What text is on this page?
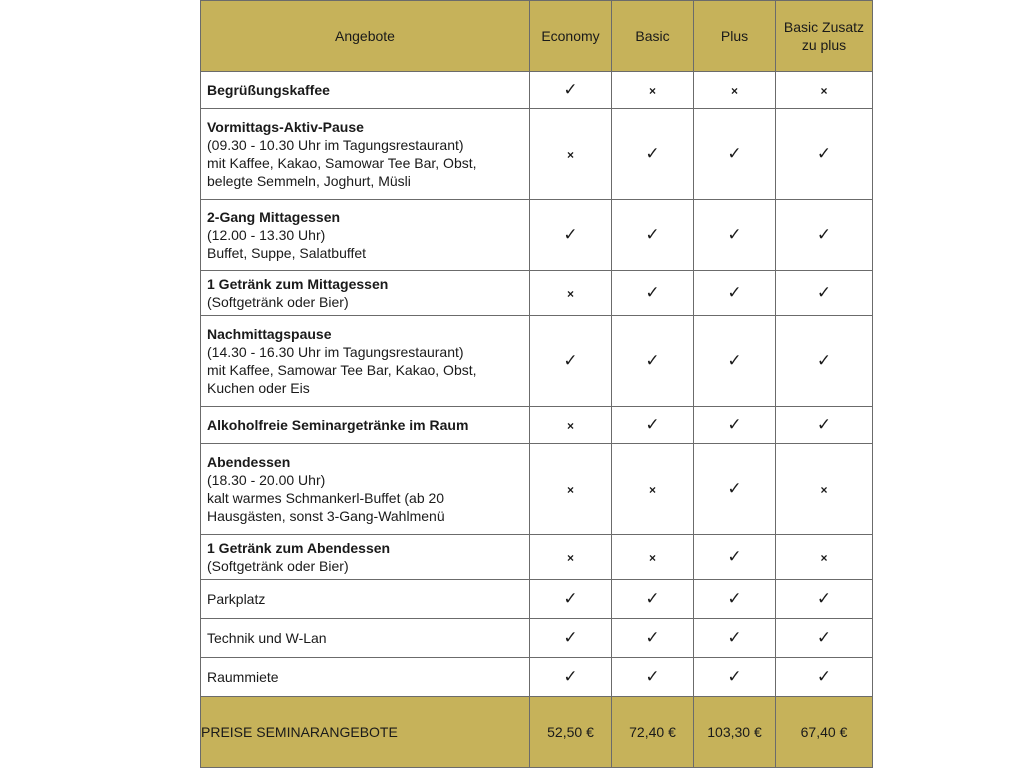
Angebote	Economy	Basic	Plus	Basic Zusatz
zu plus

Begrüßungskaffee	✓	×	×	×

Vormittags-Aktiv-Pause
(09.30 - 10.30 Uhr im Tagungsrestaurant)
mit Kaffee, Kakao, Samowar Tee Bar, Obst,
belegte Semmeln, Joghurt, Müsli	×	✓	✓	✓

2-Gang Mittagessen
(12.00 - 13.30 Uhr)
Buffet, Suppe, Salatbuffet	✓	✓	✓	✓

1 Getränk zum Mittagessen
(Softgetränk oder Bier)	×	✓	✓	✓

Nachmittagspause
(14.30 - 16.30 Uhr im Tagungsrestaurant)
mit Kaffee, Samowar Tee Bar, Kakao, Obst,
Kuchen oder Eis	✓	✓	✓	✓

Alkoholfreie Seminargetränke im Raum	×	✓	✓	✓

Abendessen
(18.30 - 20.00 Uhr)
kalt warmes Schmankerl-Buffet (ab 20
Hausgästen, sonst 3-Gang-Wahlmenü	×	×	✓	×

1 Getränk zum Abendessen
(Softgetränk oder Bier)	×	×	✓	×

Parkplatz	✓	✓	✓	✓

Technik und W-Lan	✓	✓	✓	✓

Raummiete	✓	✓	✓	✓
PREISE SEMINARANGEBOTE	52,50 €	72,40 €	103,30 €	67,40 €
